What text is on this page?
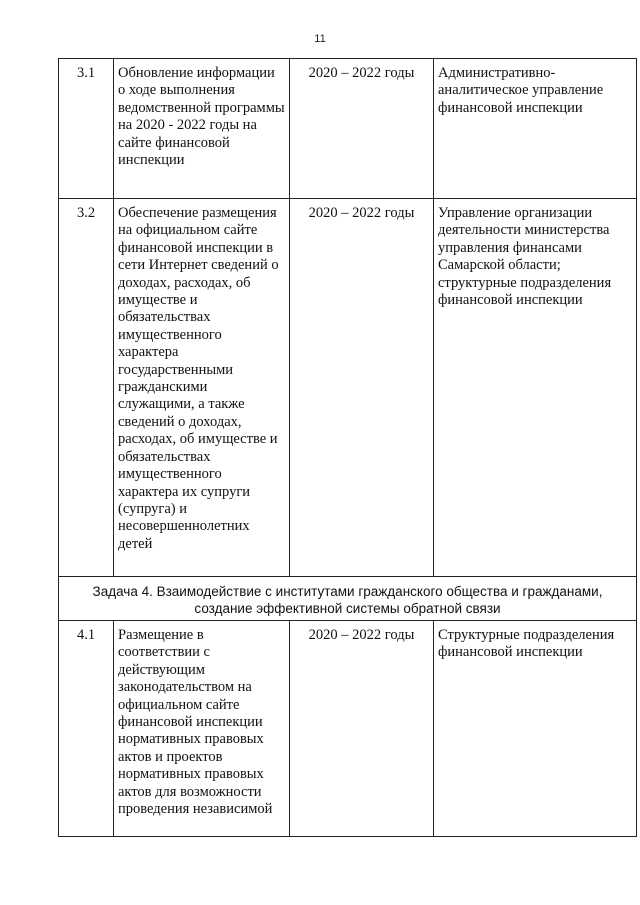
11
3.1	Обновление информации о ходе выполнения ведомственной программы на 2020 - 2022 годы на сайте финансовой инспекции	2020 – 2022 годы	Административно-аналитическое управление финансовой инспекции
3.2	Обеспечение размещения на официальном сайте финансовой инспекции в сети Интернет сведений о доходах, расходах, об имуществе и обязательствах имущественного характера государственными гражданскими служащими, а также сведений о доходах, расходах, об имуществе и обязательствах имущественного характера их супруги (супруга) и несовершеннолетних детей	2020 – 2022 годы	Управление организации деятельности министерства управления финансами Самарской области; структурные подразделения финансовой инспекции
Задача 4. Взаимодействие с институтами гражданского общества и гражданами, создание эффективной системы обратной связи			
4.1	Размещение в соответствии с действующим законодательством на официальном сайте финансовой инспекции нормативных правовых актов и проектов нормативных правовых актов для возможности проведения независимой	2020 – 2022 годы	Структурные подразделения финансовой инспекции
